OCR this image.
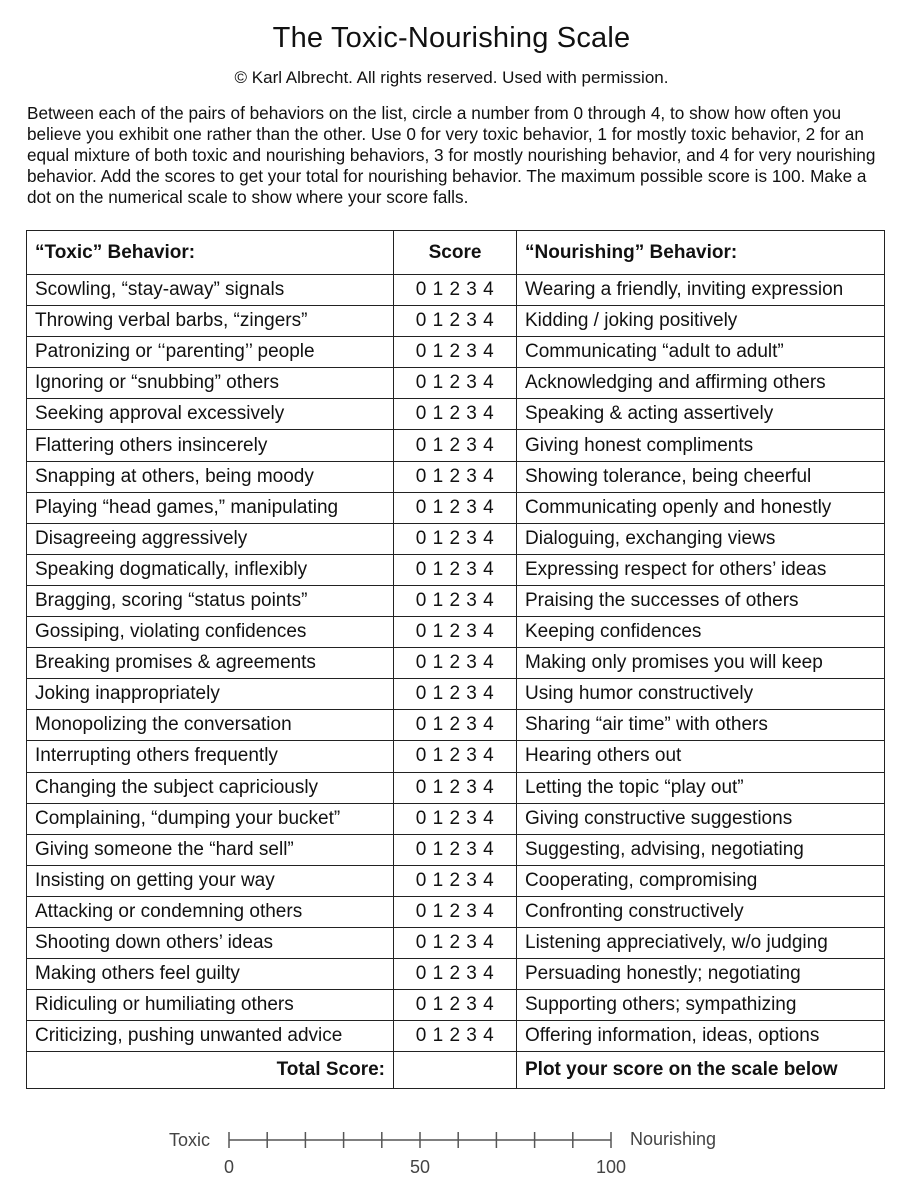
The Toxic-Nourishing Scale
© Karl Albrecht. All rights reserved. Used with permission.
Between each of the pairs of behaviors on the list, circle a number from 0 through 4, to show how often you believe you exhibit one rather than the other. Use 0 for very toxic behavior, 1 for mostly toxic behavior, 2 for an equal mixture of both toxic and nourishing behaviors, 3 for mostly nourishing behavior, and 4 for very nourishing behavior. Add the scores to get your total for nourishing behavior. The maximum possible score is 100. Make a dot on the numerical scale to show where your score falls.
“Toxic” Behavior:	Score	“Nourishing” Behavior:
Scowling, “stay-away” signals	0 1 2 3 4	Wearing a friendly, inviting expression
Throwing verbal barbs, “zingers”	0 1 2 3 4	Kidding / joking positively
Patronizing or ‘‘parenting’’ people	0 1 2 3 4	Communicating “adult to adult”
Ignoring or “snubbing” others	0 1 2 3 4	Acknowledging and affirming others
Seeking approval excessively	0 1 2 3 4	Speaking & acting assertively
Flattering others insincerely	0 1 2 3 4	Giving honest compliments
Snapping at others, being moody	0 1 2 3 4	Showing tolerance, being cheerful
Playing “head games,” manipulating	0 1 2 3 4	Communicating openly and honestly
Disagreeing aggressively	0 1 2 3 4	Dialoguing, exchanging views
Speaking dogmatically, inflexibly	0 1 2 3 4	Expressing respect for others’ ideas
Bragging, scoring “status points”	0 1 2 3 4	Praising the successes of others
Gossiping, violating confidences	0 1 2 3 4	Keeping confidences
Breaking promises & agreements	0 1 2 3 4	Making only promises you will keep
Joking inappropriately	0 1 2 3 4	Using humor constructively
Monopolizing the conversation	0 1 2 3 4	Sharing “air time” with others
Interrupting others frequently	0 1 2 3 4	Hearing others out
Changing the subject capriciously	0 1 2 3 4	Letting the topic “play out”
Complaining, “dumping your bucket”	0 1 2 3 4	Giving constructive suggestions
Giving someone the “hard sell”	0 1 2 3 4	Suggesting, advising, negotiating
Insisting on getting your way	0 1 2 3 4	Cooperating, compromising
Attacking or condemning others	0 1 2 3 4	Confronting constructively
Shooting down others’ ideas	0 1 2 3 4	Listening appreciatively, w/o judging
Making others feel guilty	0 1 2 3 4	Persuading honestly; negotiating
Ridiculing or humiliating others	0 1 2 3 4	Supporting others; sympathizing
Criticizing, pushing unwanted advice	0 1 2 3 4	Offering information, ideas, options
Total Score:		Plot your score on the scale below
Toxic	Nourishing
0	50	100
